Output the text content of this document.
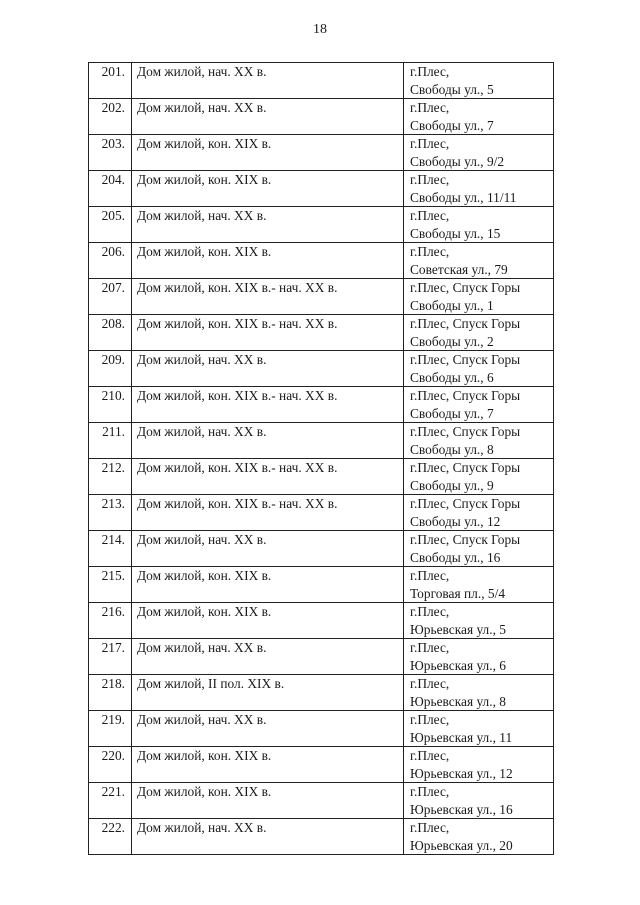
18
201.	Дом жилой, нач. XX в.	г.Плес,
Свободы ул., 5

202.	Дом жилой, нач. XX в.	г.Плес,
Свободы ул., 7

203.	Дом жилой, кон. XIX в.	г.Плес,
Свободы ул., 9/2

204.	Дом жилой, кон. XIX в.	г.Плес,
Свободы ул., 11/11

205.	Дом жилой, нач. XX в.	г.Плес,
Свободы ул., 15

206.	Дом жилой, кон. XIX в.	г.Плес,
Советская ул., 79

207.	Дом жилой, кон. XIX в.- нач. XX в.	г.Плес, Спуск Горы
Свободы ул., 1

208.	Дом жилой, кон. XIX в.- нач. XX в.	г.Плес, Спуск Горы
Свободы ул., 2

209.	Дом жилой, нач. XX в.	г.Плес, Спуск Горы
Свободы ул., 6

210.	Дом жилой, кон. XIX в.- нач. XX в.	г.Плес, Спуск Горы
Свободы ул., 7

211.	Дом жилой, нач. XX в.	г.Плес, Спуск Горы
Свободы ул., 8

212.	Дом жилой, кон. XIX в.- нач. XX в.	г.Плес, Спуск Горы
Свободы ул., 9

213.	Дом жилой, кон. XIX в.- нач. XX в.	г.Плес, Спуск Горы
Свободы ул., 12

214.	Дом жилой, нач. XX в.	г.Плес, Спуск Горы
Свободы ул., 16

215.	Дом жилой, кон. XIX в.	г.Плес,
Торговая пл., 5/4

216.	Дом жилой, кон. XIX в.	г.Плес,
Юрьевская ул., 5

217.	Дом жилой, нач. XX в.	г.Плес,
Юрьевская ул., 6

218.	Дом жилой, II пол. XIX в.	г.Плес,
Юрьевская ул., 8

219.	Дом жилой, нач. XX в.	г.Плес,
Юрьевская ул., 11

220.	Дом жилой, кон. XIX в.	г.Плес,
Юрьевская ул., 12

221.	Дом жилой, кон. XIX в.	г.Плес,
Юрьевская ул., 16

222.	Дом жилой, нач. XX в.	г.Плес,
Юрьевская ул., 20
